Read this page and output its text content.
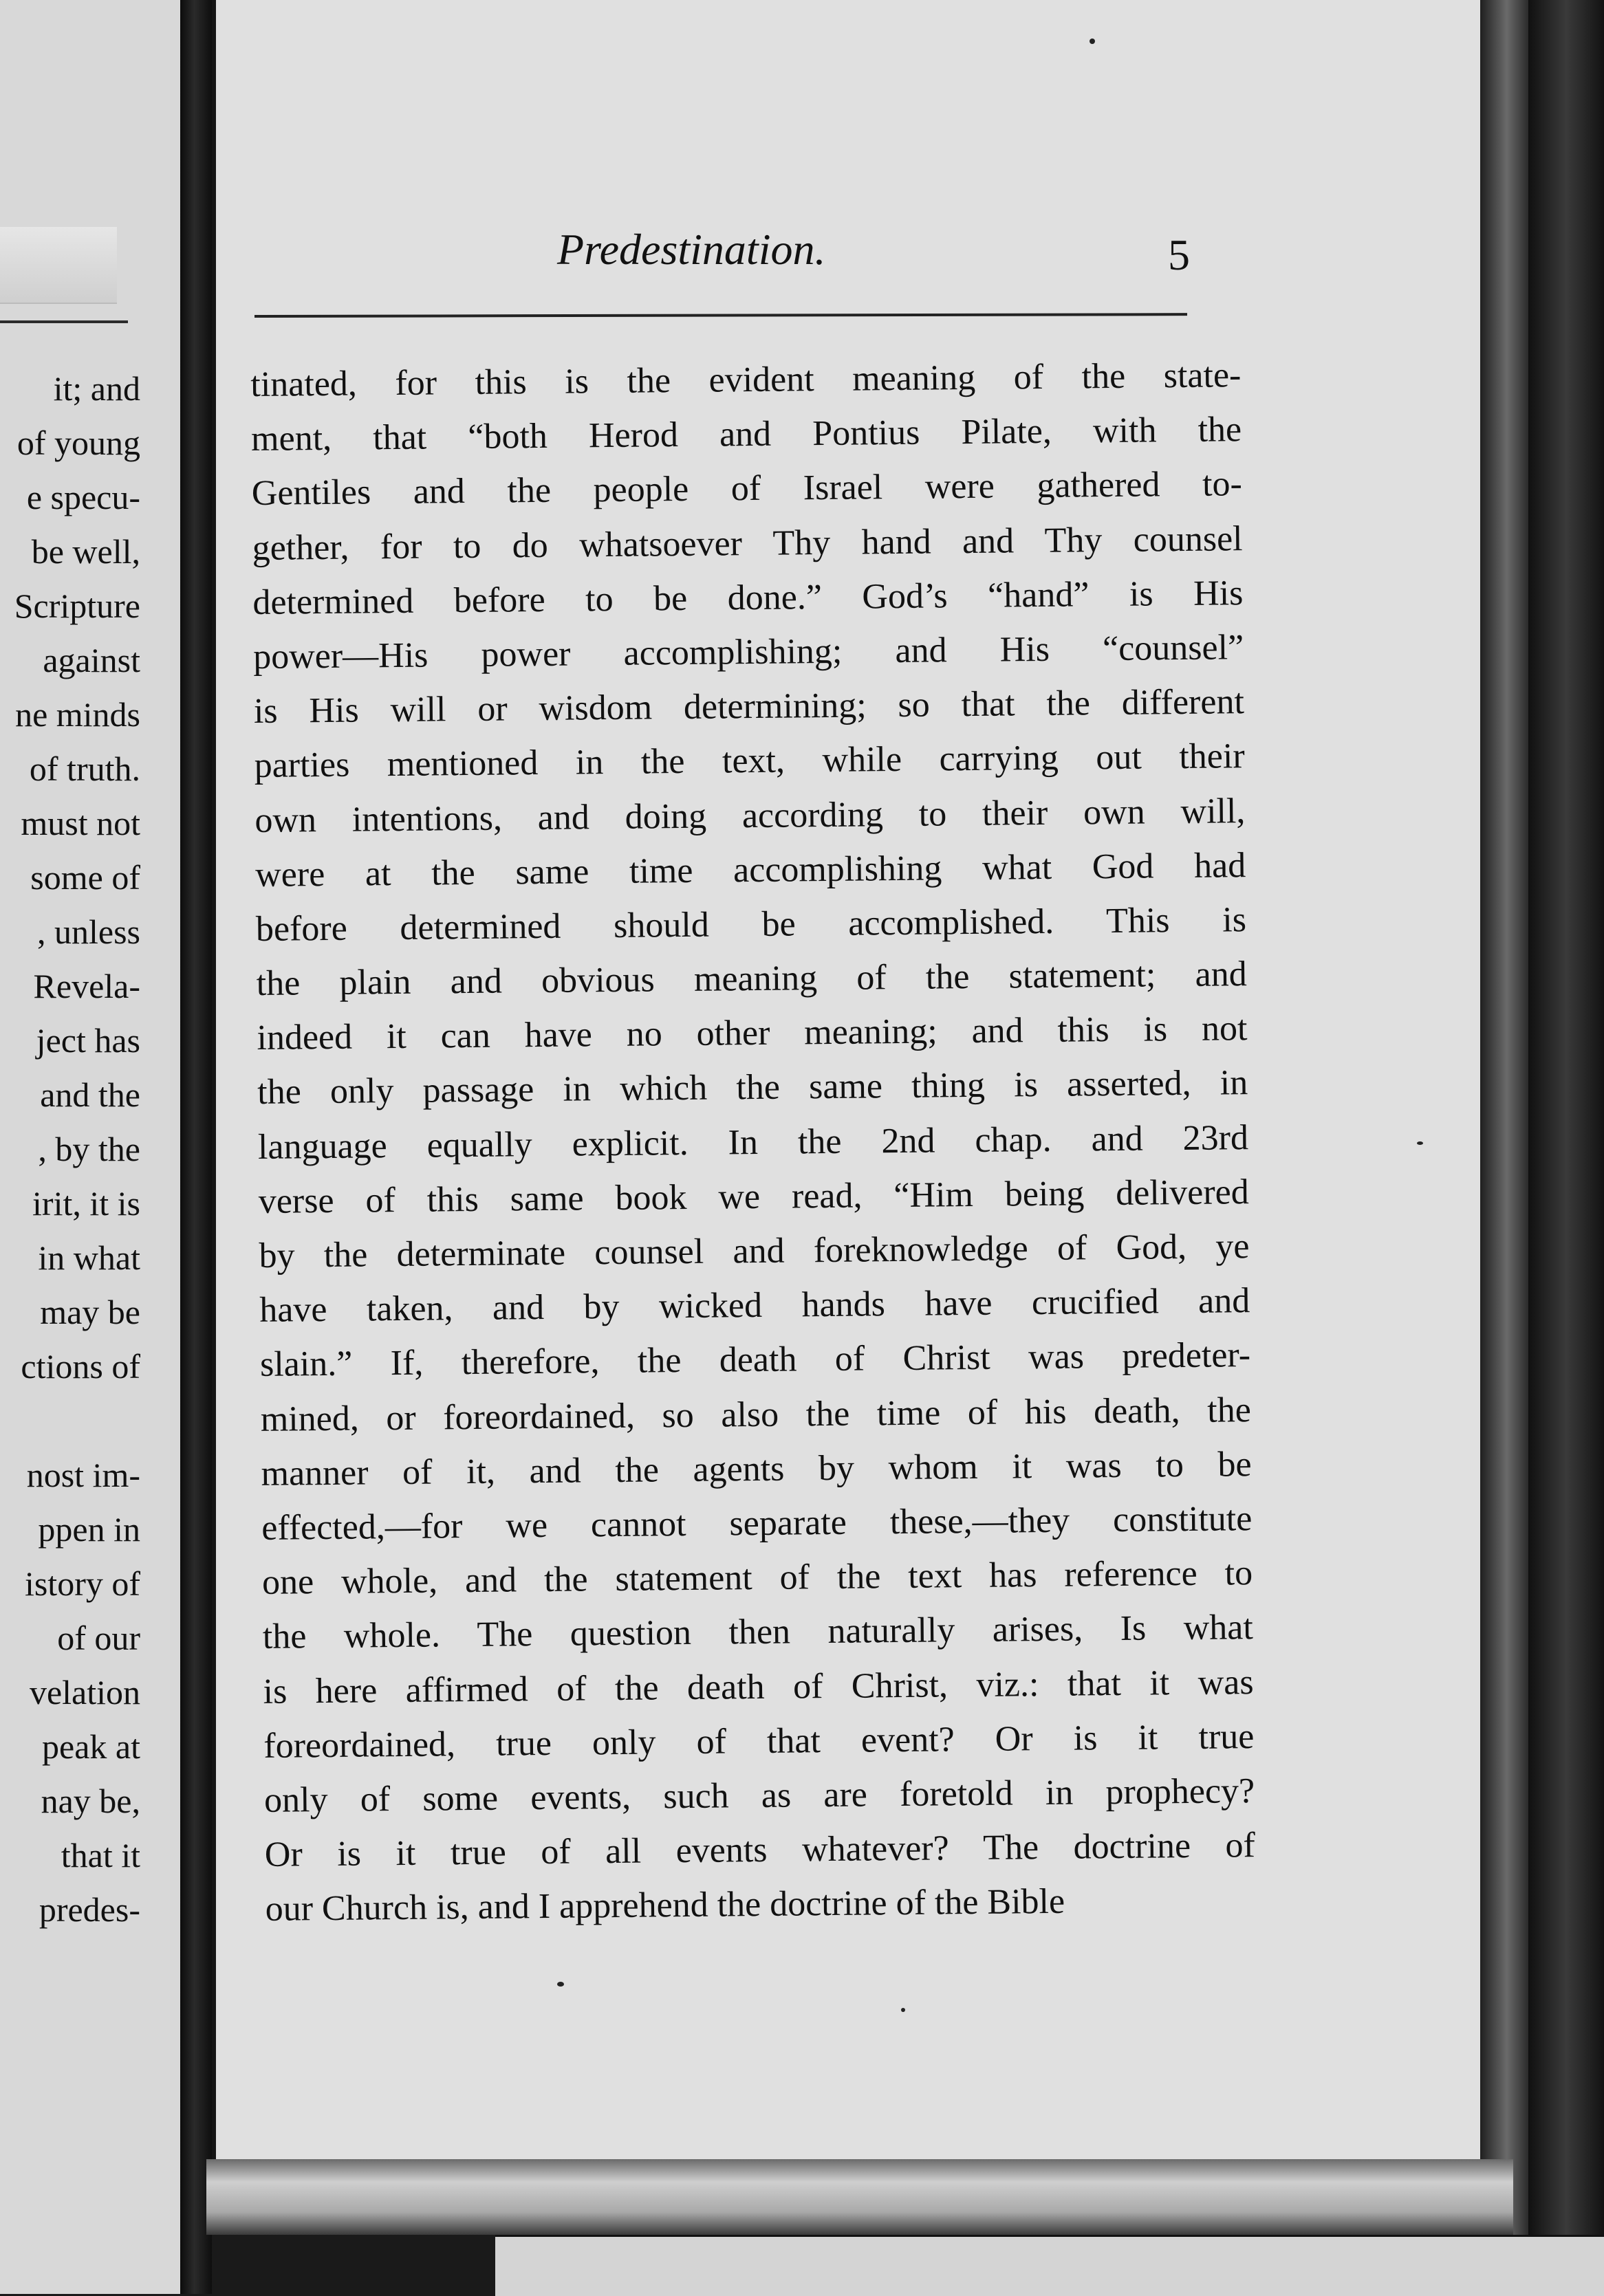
it; and
of young
e specu-
be well,
Scripture
against
ne minds
of truth.
must not
some of
, unless
Revela-
ject has
and the
, by the
irit, it is
in what
may be
ctions of
nost im-
ppen in
istory of
of our
velation
peak at
nay be,
that it
predes-
Predestination.	5
tinated, for this is the evident meaning of the state-
ment, that “both Herod and Pontius Pilate, with the
Gentiles and the people of Israel were gathered to-
gether, for to do whatsoever Thy hand and Thy counsel
determined before to be done.” God’s “hand” is His
power—His power accomplishing; and His “counsel”
is His will or wisdom determining; so that the different
parties mentioned in the text, while carrying out their
own intentions, and doing according to their own will,
were at the same time accomplishing what God had
before determined should be accomplished. This is
the plain and obvious meaning of the statement; and
indeed it can have no other meaning; and this is not
the only passage in which the same thing is asserted, in
language equally explicit. In the 2nd chap. and 23rd
verse of this same book we read, “Him being delivered
by the determinate counsel and foreknowledge of God, ye
have taken, and by wicked hands have crucified and
slain.” If, therefore, the death of Christ was predeter-
mined, or foreordained, so also the time of his death, the
manner of it, and the agents by whom it was to be
effected,—for we cannot separate these,—they constitute
one whole, and the statement of the text has reference to
the whole. The question then naturally arises, Is what
is here affirmed of the death of Christ, viz.: that it was
foreordained, true only of that event? Or is it true
only of some events, such as are foretold in prophecy?
Or is it true of all events whatever? The doctrine of
our Church is, and I apprehend the doctrine of the Bible
